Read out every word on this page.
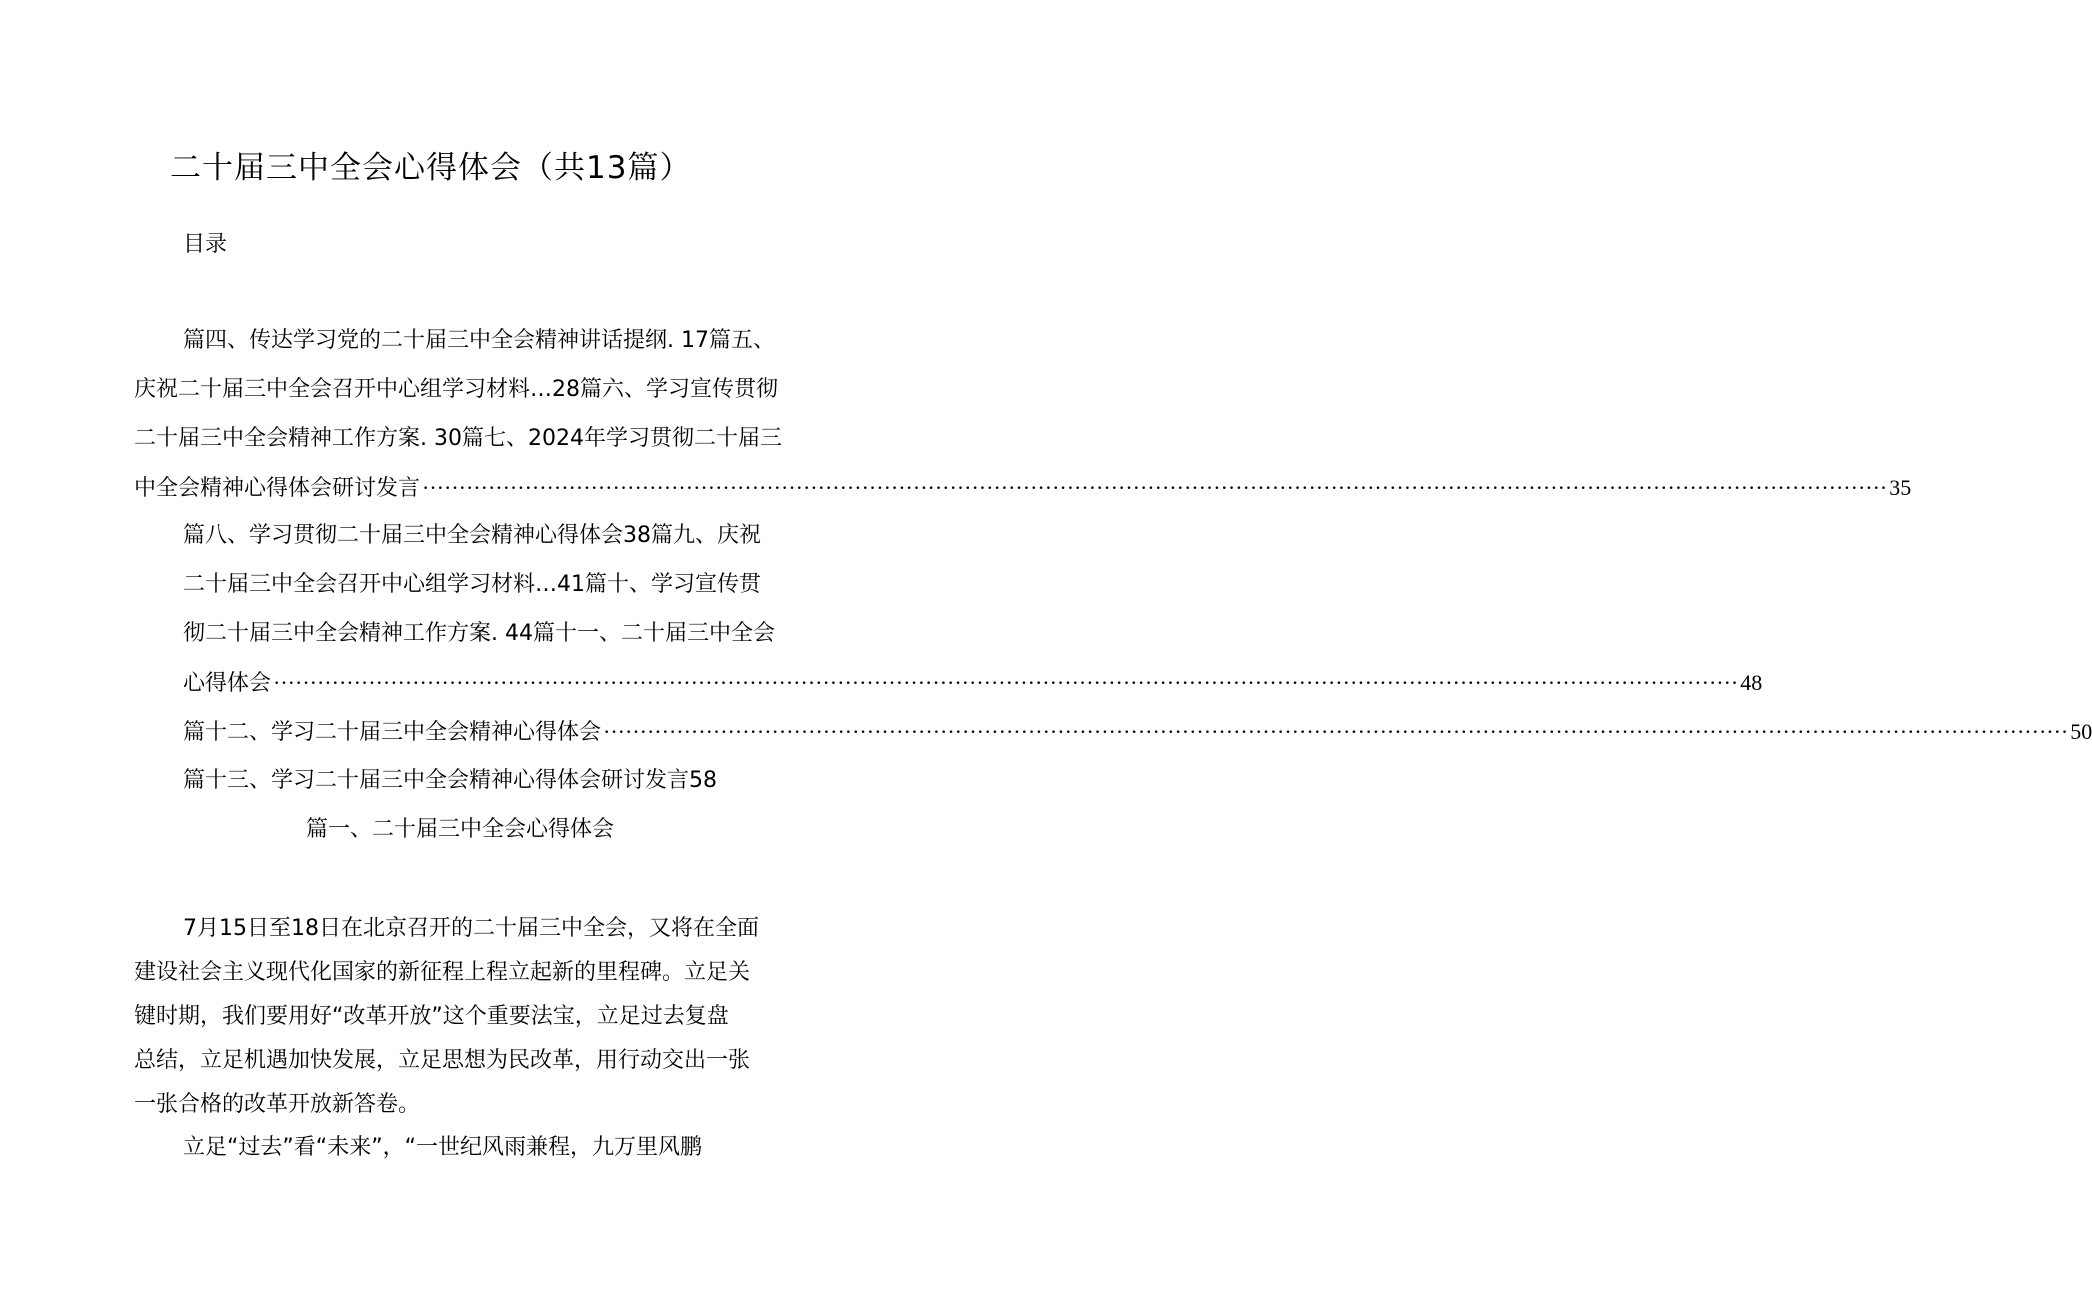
二十届三中全会心得体会（共13篇）
目录
篇四、传达学习党的二十届三中全会精神讲话提纲. 17篇五、
庆祝二十届三中全会召开中心组学习材料…28篇六、学习宣传贯彻
二十届三中全会精神工作方案. 30篇七、2024年学习贯彻二十届三
中全会精神心得体会研讨发言 ········································································································································································································ 35
篇八、学习贯彻二十届三中全会精神心得体会38篇九、庆祝
二十届三中全会召开中心组学习材料…41篇十、学习宣传贯
彻二十届三中全会精神工作方案. 44篇十一、二十届三中全会
心得体会 ········································································································································································································ 48
篇十二、学习二十届三中全会精神心得体会 ········································································································································································································ 50
篇十三、学习二十届三中全会精神心得体会研讨发言58
篇一、二十届三中全会心得体会
7月15日至18日在北京召开的二十届三中全会，又将在全面
建设社会主义现代化国家的新征程上程立起新的里程碑。立足关
键时期，我们要用好“改革开放”这个重要法宝，立足过去复盘
总结，立足机遇加快发展，立足思想为民改革，用行动交出一张
一张合格的改革开放新答卷。
立足“过去”看“未来”，“一世纪风雨兼程，九万里风鹏
